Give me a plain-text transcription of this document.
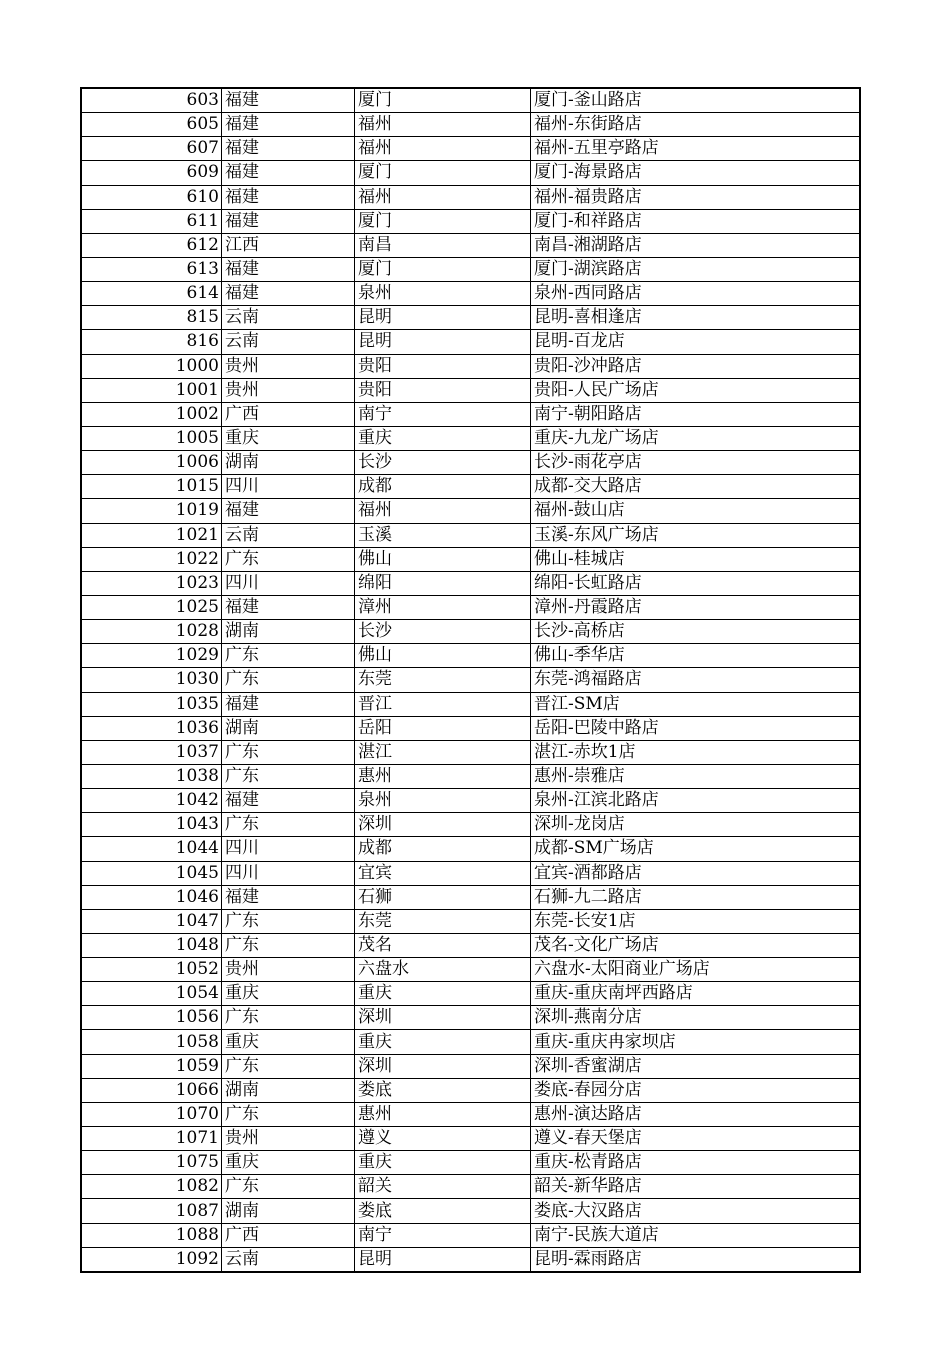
603	福建	厦门	厦门-釜山路店
605	福建	福州	福州-东街路店
607	福建	福州	福州-五里亭路店
609	福建	厦门	厦门-海景路店
610	福建	福州	福州-福贵路店
611	福建	厦门	厦门-和祥路店
612	江西	南昌	南昌-湘湖路店
613	福建	厦门	厦门-湖滨路店
614	福建	泉州	泉州-西同路店
815	云南	昆明	昆明-喜相逢店
816	云南	昆明	昆明-百龙店
1000	贵州	贵阳	贵阳-沙冲路店
1001	贵州	贵阳	贵阳-人民广场店
1002	广西	南宁	南宁-朝阳路店
1005	重庆	重庆	重庆-九龙广场店
1006	湖南	长沙	长沙-雨花亭店
1015	四川	成都	成都-交大路店
1019	福建	福州	福州-鼓山店
1021	云南	玉溪	玉溪-东风广场店
1022	广东	佛山	佛山-桂城店
1023	四川	绵阳	绵阳-长虹路店
1025	福建	漳州	漳州-丹霞路店
1028	湖南	长沙	长沙-高桥店
1029	广东	佛山	佛山-季华店
1030	广东	东莞	东莞-鸿福路店
1035	福建	晋江	晋江-SM店
1036	湖南	岳阳	岳阳-巴陵中路店
1037	广东	湛江	湛江-赤坎1店
1038	广东	惠州	惠州-崇雅店
1042	福建	泉州	泉州-江滨北路店
1043	广东	深圳	深圳-龙岗店
1044	四川	成都	成都-SM广场店
1045	四川	宜宾	宜宾-酒都路店
1046	福建	石狮	石狮-九二路店
1047	广东	东莞	东莞-长安1店
1048	广东	茂名	茂名-文化广场店
1052	贵州	六盘水	六盘水-太阳商业广场店
1054	重庆	重庆	重庆-重庆南坪西路店
1056	广东	深圳	深圳-燕南分店
1058	重庆	重庆	重庆-重庆冉家坝店
1059	广东	深圳	深圳-香蜜湖店
1066	湖南	娄底	娄底-春园分店
1070	广东	惠州	惠州-演达路店
1071	贵州	遵义	遵义-春天堡店
1075	重庆	重庆	重庆-松青路店
1082	广东	韶关	韶关-新华路店
1087	湖南	娄底	娄底-大汉路店
1088	广西	南宁	南宁-民族大道店
1092	云南	昆明	昆明-霖雨路店
